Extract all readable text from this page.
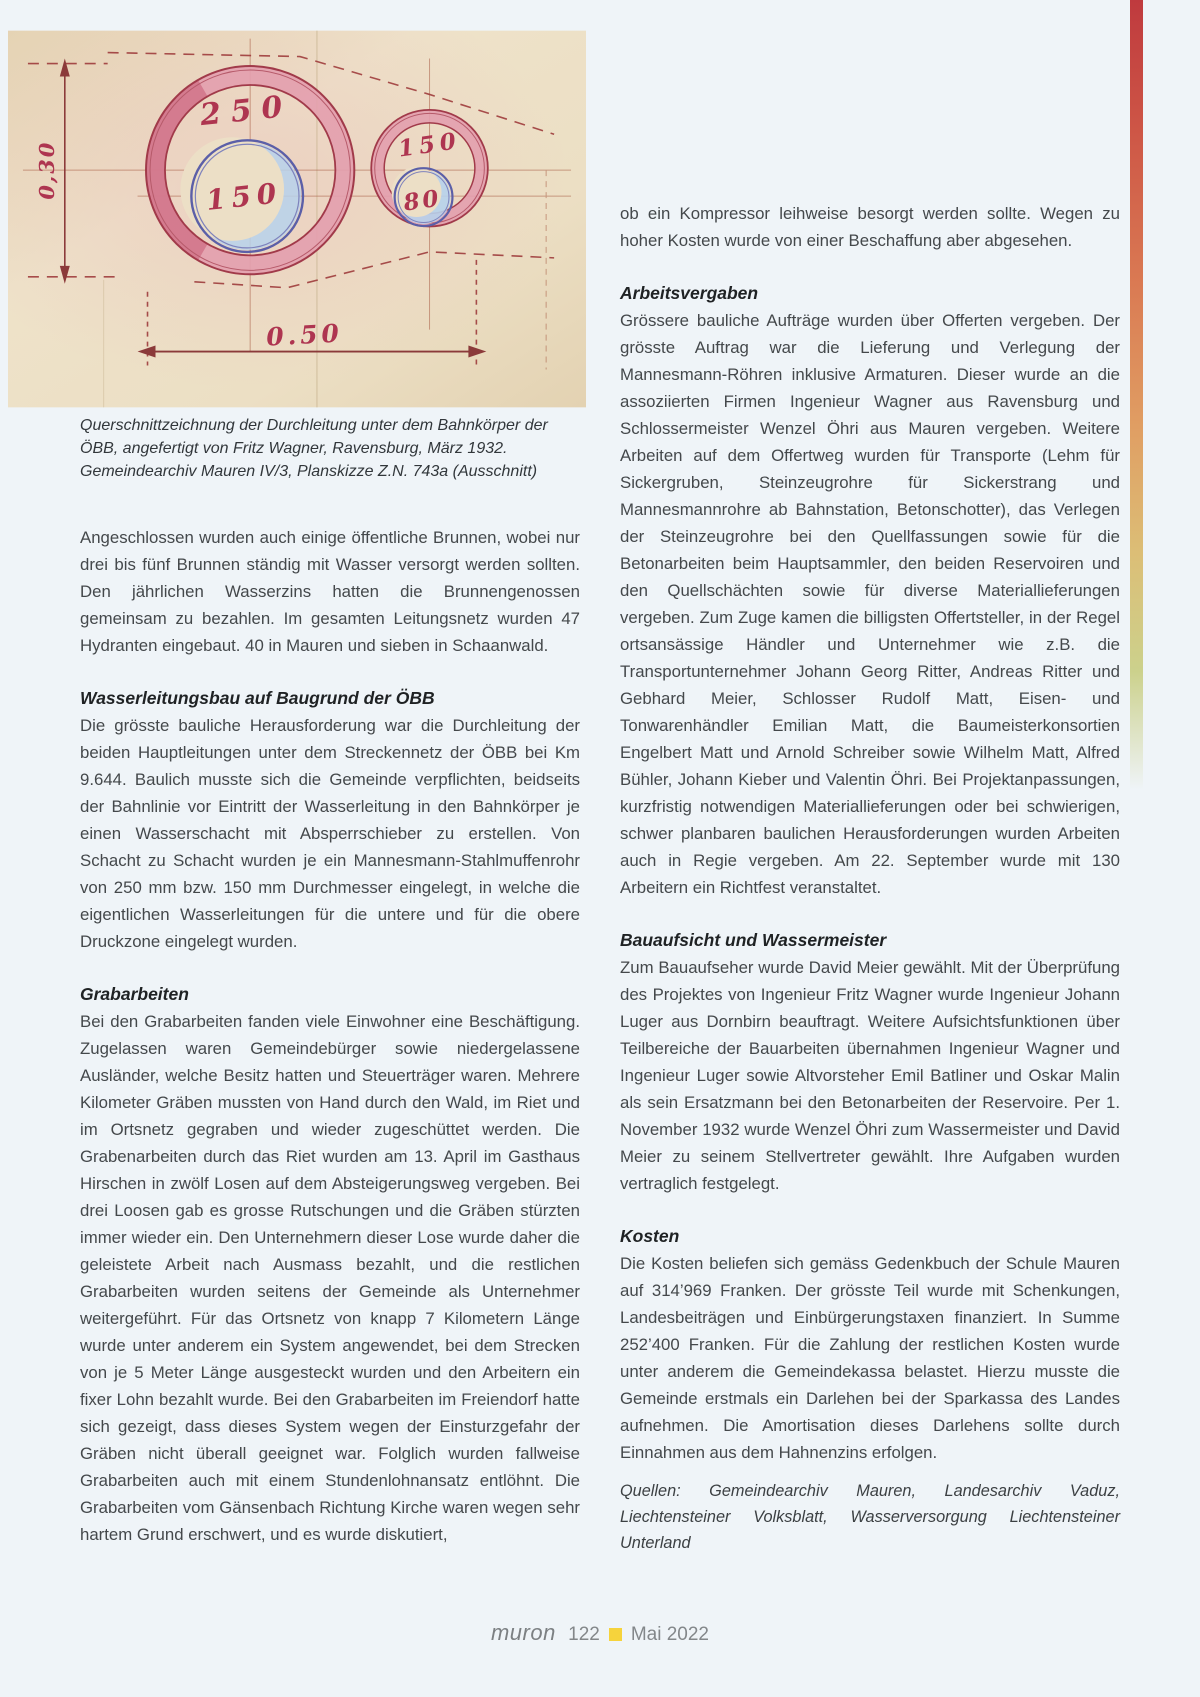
250
150
150
80
0,30
0.50
Querschnittzeichnung der Durchleitung unter dem Bahnkörper der ÖBB, angefertigt von Fritz Wagner, Ravensburg, März 1932. Gemeindearchiv Mauren IV/3, Planskizze Z.N. 743a (Ausschnitt)

Angeschlossen wurden auch einige öffentliche Brunnen, wobei nur drei bis fünf Brunnen ständig mit Wasser versorgt werden sollten. Den jährlichen Wasserzins hatten die Brunnengenossen gemeinsam zu bezahlen. Im gesamten Leitungsnetz wurden 47 Hydranten eingebaut. 40 in Mauren und sieben in Schaanwald.

Wasserleitungsbau auf Baugrund der ÖBB

Die grösste bauliche Herausforderung war die Durchleitung der beiden Hauptleitungen unter dem Streckennetz der ÖBB bei Km 9.644. Baulich musste sich die Gemeinde verpflichten, beidseits der Bahnlinie vor Eintritt der Wasserleitung in den Bahnkörper je einen Wasserschacht mit Absperrschieber zu erstellen. Von Schacht zu Schacht wurden je ein Mannesmann-Stahlmuffenrohr von 250 mm bzw. 150 mm Durchmesser eingelegt, in welche die eigentlichen Wasserleitungen für die untere und für die obere Druckzone eingelegt wurden.

Grabarbeiten

Bei den Grabarbeiten fanden viele Einwohner eine Beschäftigung. Zugelassen waren Gemeindebürger sowie niedergelassene Ausländer, welche Besitz hatten und Steuerträger waren. Mehrere Kilometer Gräben mussten von Hand durch den Wald, im Riet und im Ortsnetz gegraben und wieder zugeschüttet werden. Die Grabenarbeiten durch das Riet wurden am 13. April im Gasthaus Hirschen in zwölf Losen auf dem Absteigerungsweg vergeben. Bei drei Loosen gab es grosse Rutschungen und die Gräben stürzten immer wieder ein. Den Unternehmern dieser Lose wurde daher die geleistete Arbeit nach Ausmass bezahlt, und die restlichen Grabarbeiten wurden seitens der Gemeinde als Unternehmer weitergeführt. Für das Ortsnetz von knapp 7 Kilometern Länge wurde unter anderem ein System angewendet, bei dem Strecken von je 5 Meter Länge ausgesteckt wurden und den Arbeitern ein fixer Lohn bezahlt wurde. Bei den Grabarbeiten im Freiendorf hatte sich gezeigt, dass dieses System wegen der Einsturzgefahr der Gräben nicht überall geeignet war. Folglich wurden fallweise Grabarbeiten auch mit einem Stundenlohnansatz entlöhnt. Die Grabarbeiten vom Gänsenbach Richtung Kirche waren wegen sehr hartem Grund erschwert, und es wurde diskutiert,

ob ein Kompressor leihweise besorgt werden sollte. Wegen zu hoher Kosten wurde von einer Beschaffung aber abgesehen.

Arbeitsvergaben

Grössere bauliche Aufträge wurden über Offerten vergeben. Der grösste Auftrag war die Lieferung und Verlegung der Mannesmann-Röhren inklusive Armaturen. Dieser wurde an die assoziierten Firmen Ingenieur Wagner aus Ravensburg und Schlossermeister Wenzel Öhri aus Mauren vergeben. Weitere Arbeiten auf dem Offertweg wurden für Transporte (Lehm für Sickergruben, Steinzeugrohre für Sickerstrang und Mannesmannrohre ab Bahnstation, Betonschotter), das Verlegen der Steinzeugrohre bei den Quellfassungen sowie für die Betonarbeiten beim Hauptsammler, den beiden Reservoiren und den Quellschächten sowie für diverse Materiallieferungen vergeben. Zum Zuge kamen die billigsten Offertsteller, in der Regel ortsansässige Händler und Unternehmer wie z.B. die Transportunternehmer Johann Georg Ritter, Andreas Ritter und Gebhard Meier, Schlosser Rudolf Matt, Eisen- und Tonwarenhändler Emilian Matt, die Baumeisterkonsortien Engelbert Matt und Arnold Schreiber sowie Wilhelm Matt, Alfred Bühler, Johann Kieber und Valentin Öhri. Bei Projektanpassungen, kurzfristig notwendigen Materiallieferungen oder bei schwierigen, schwer planbaren baulichen Herausforderungen wurden Arbeiten auch in Regie vergeben. Am 22. September wurde mit 130 Arbeitern ein Richtfest veranstaltet.

Bauaufsicht und Wassermeister

Zum Bauaufseher wurde David Meier gewählt. Mit der Überprüfung des Projektes von Ingenieur Fritz Wagner wurde Ingenieur Johann Luger aus Dornbirn beauftragt. Weitere Aufsichtsfunktionen über Teilbereiche der Bauarbeiten übernahmen Ingenieur Wagner und Ingenieur Luger sowie Altvorsteher Emil Batliner und Oskar Malin als sein Ersatzmann bei den Betonarbeiten der Reservoire. Per 1. November 1932 wurde Wenzel Öhri zum Wassermeister und David Meier zu seinem Stellvertreter gewählt. Ihre Aufgaben wurden vertraglich festgelegt.

Kosten

Die Kosten beliefen sich gemäss Gedenkbuch der Schule Mauren auf 314’969 Franken. Der grösste Teil wurde mit Schenkungen, Landesbeiträgen und Einbürgerungstaxen finanziert. In Summe 252’400 Franken. Für die Zahlung der restlichen Kosten wurde unter anderem die Gemeindekassa belastet. Hierzu musste die Gemeinde erstmals ein Darlehen bei der Sparkassa des Landes aufnehmen. Die Amortisation dieses Darlehens sollte durch Einnahmen aus dem Hahnenzins erfolgen.

Quellen: Gemeindearchiv Mauren, Landesarchiv Vaduz, Liechtensteiner Volksblatt, Wasserversorgung Liechtensteiner Unterland

muron 122 Mai 2022
